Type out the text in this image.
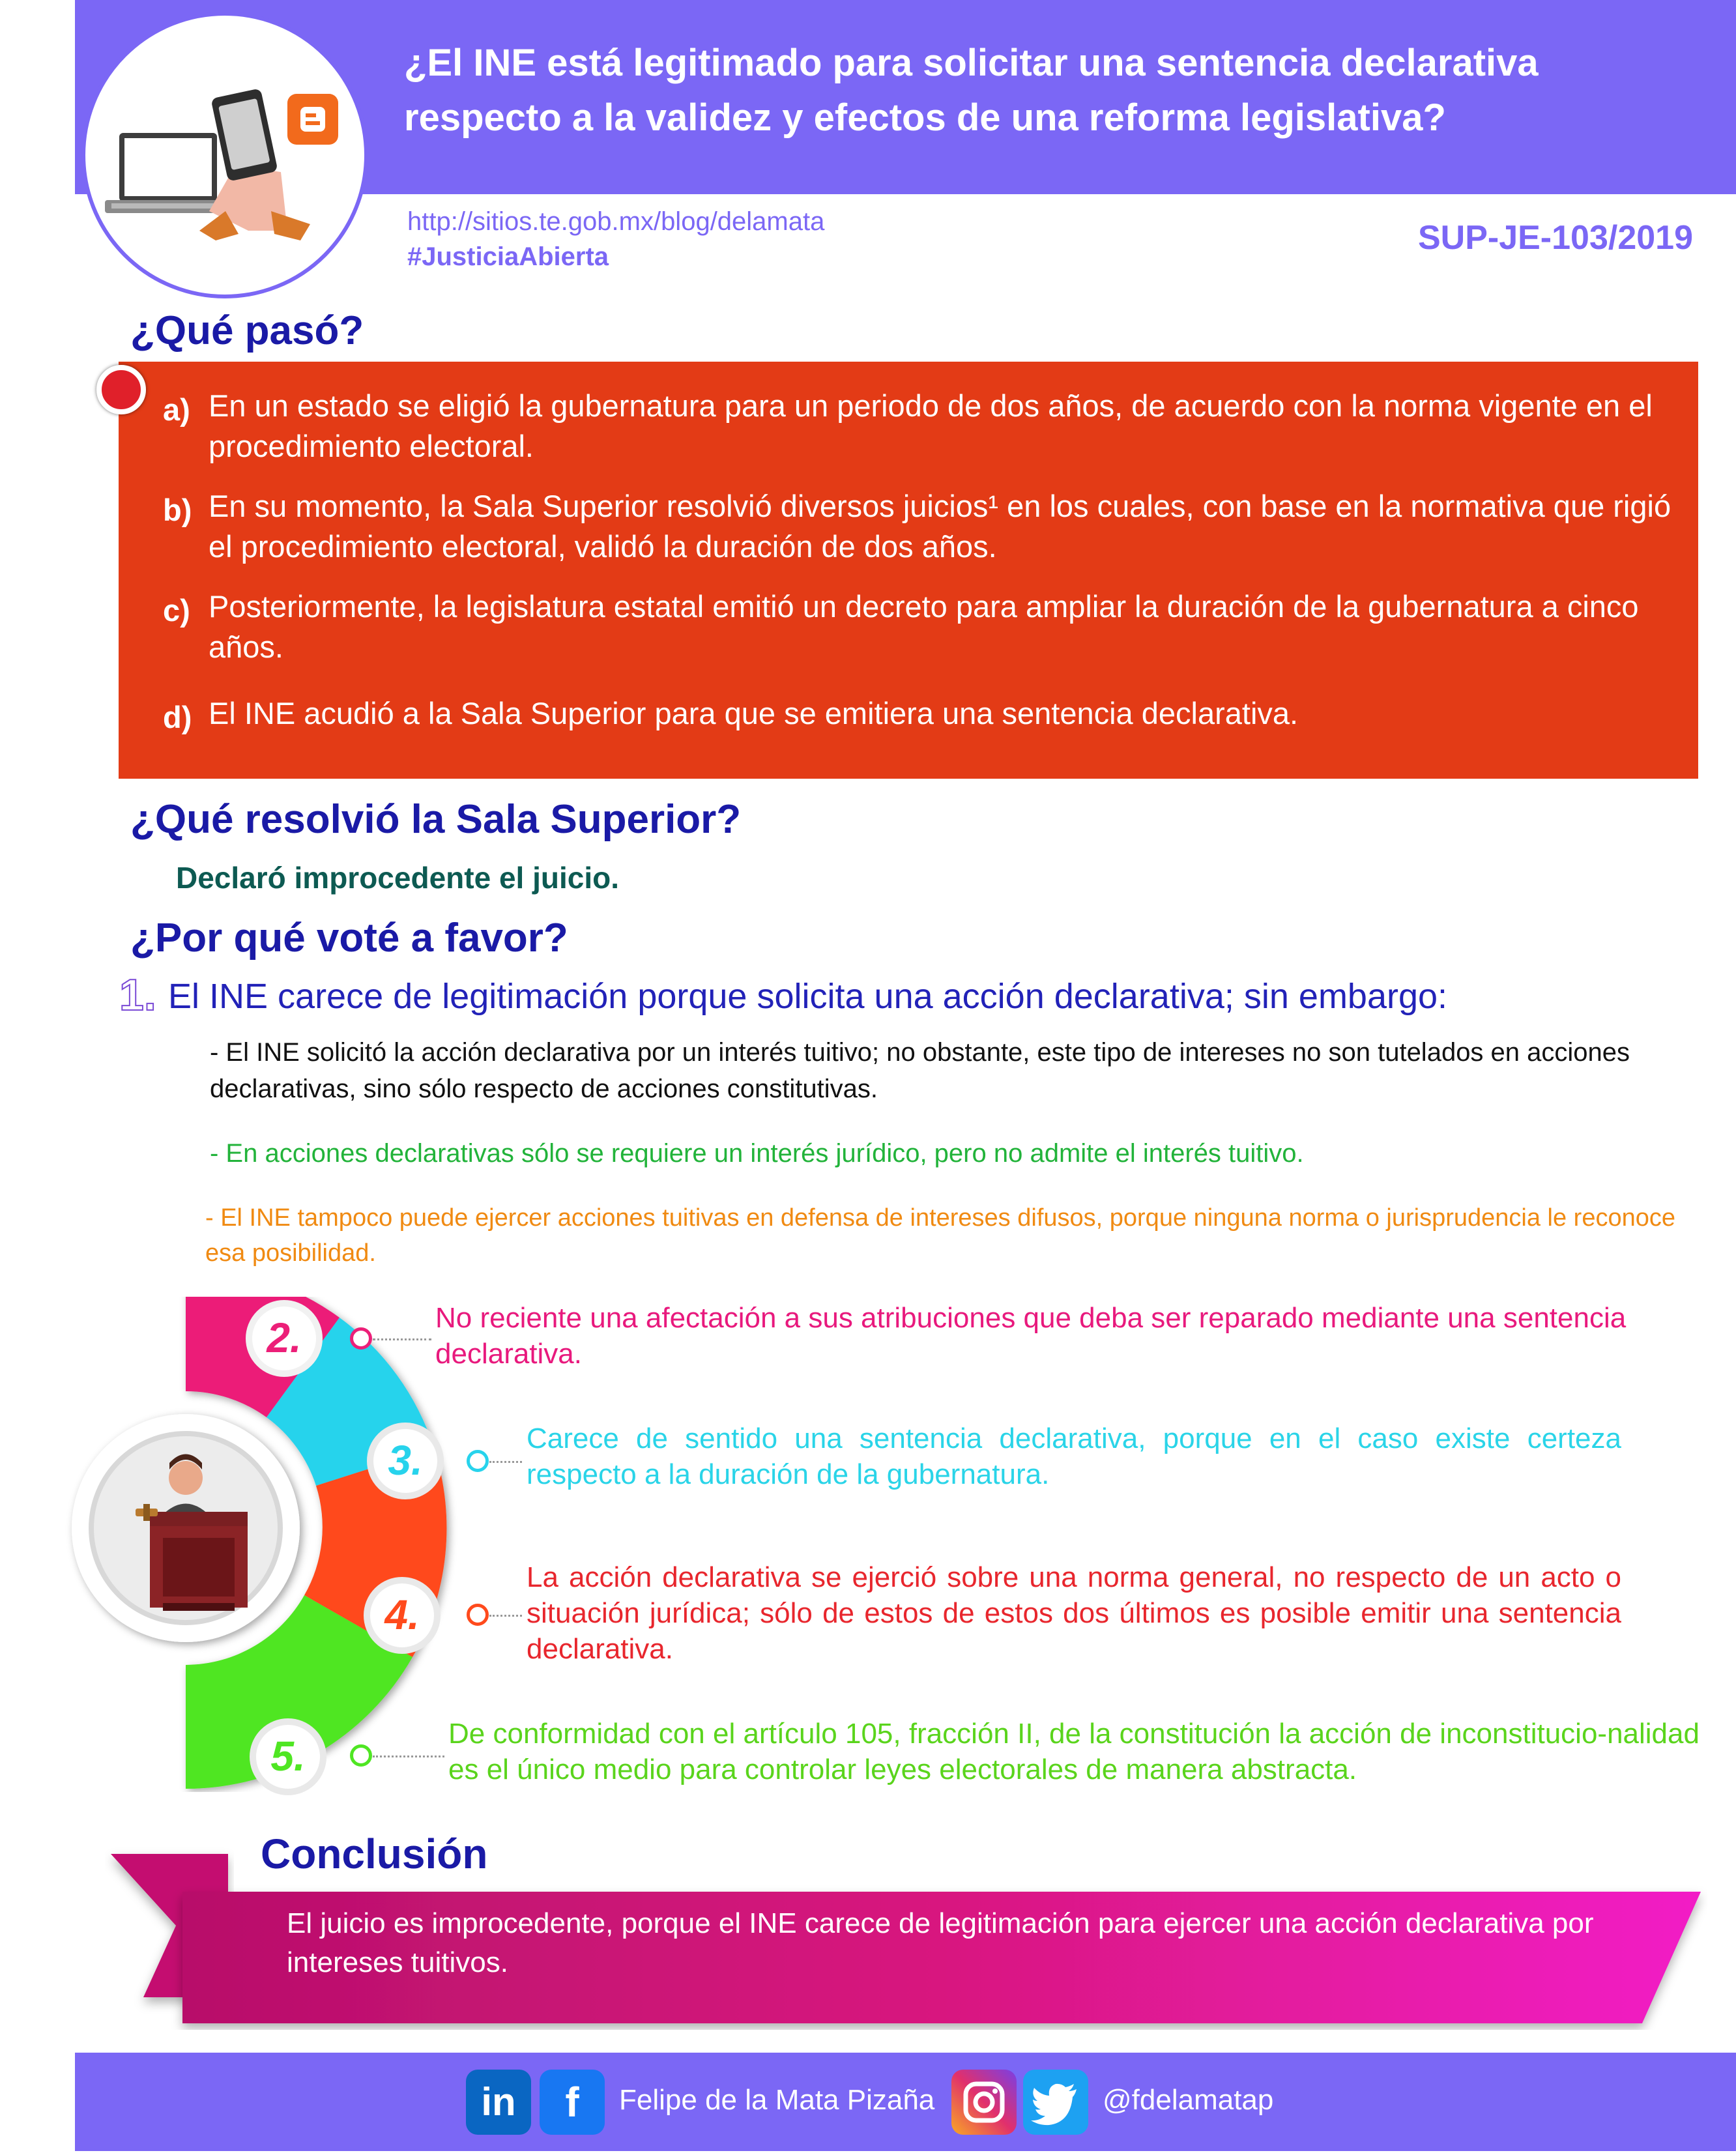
¿El INE está legitimado para solicitar una sentencia declarativa
respecto a la validez y efectos de una reforma legislativa?
http://sitios.te.gob.mx/blog/delamata
#JusticiaAbierta	SUP-JE-103/2019
¿Qué pasó?
a) En un estado se eligió la gubernatura para un periodo de dos años, de acuerdo con la norma vigente en el procedimiento electoral.
b) En su momento, la Sala Superior resolvió diversos juicios¹ en los cuales, con base en la normativa que rigió el procedimiento electoral, validó la duración de dos años.
c) Posteriormente, la legislatura estatal emitió un decreto para ampliar la duración de la gubernatura a cinco años.
d) El INE acudió a la Sala Superior para que se emitiera una sentencia declarativa.
¿Qué resolvió la Sala Superior?
Declaró improcedente el juicio.
¿Por qué voté a favor?
1. El INE carece de legitimación porque solicita una acción declarativa; sin embargo:
- El INE solicitó la acción declarativa por un interés tuitivo; no obstante, este tipo de intereses no son tutelados en acciones declarativas, sino sólo respecto de acciones constitutivas.
- En acciones declarativas sólo se requiere un interés jurídico, pero no admite el interés tuitivo.
- El INE tampoco puede ejercer acciones tuitivas en defensa de intereses difusos, porque ninguna norma o jurisprudencia le reconoce esa posibilidad.
2.
3.
4.
5.
No reciente una afectación a sus atribuciones que deba ser reparado mediante una sentencia declarativa.
Carece de sentido una sentencia declarativa, porque en el caso existe certeza respecto a la duración de la gubernatura.
La acción declarativa se ejerció sobre una norma general, no respecto de un acto o situación jurídica; sólo de estos de estos dos últimos es posible emitir una sentencia declarativa.
De conformidad con el artículo 105, fracción II, de la constitución la acción de inconstitucio-nalidad es el único medio para controlar leyes electorales de manera abstracta.
Conclusión
El juicio es improcedente, porque el INE carece de legitimación para ejercer una acción declarativa por intereses tuitivos.
in	f	Felipe de la Mata Pizaña	@fdelamatap
